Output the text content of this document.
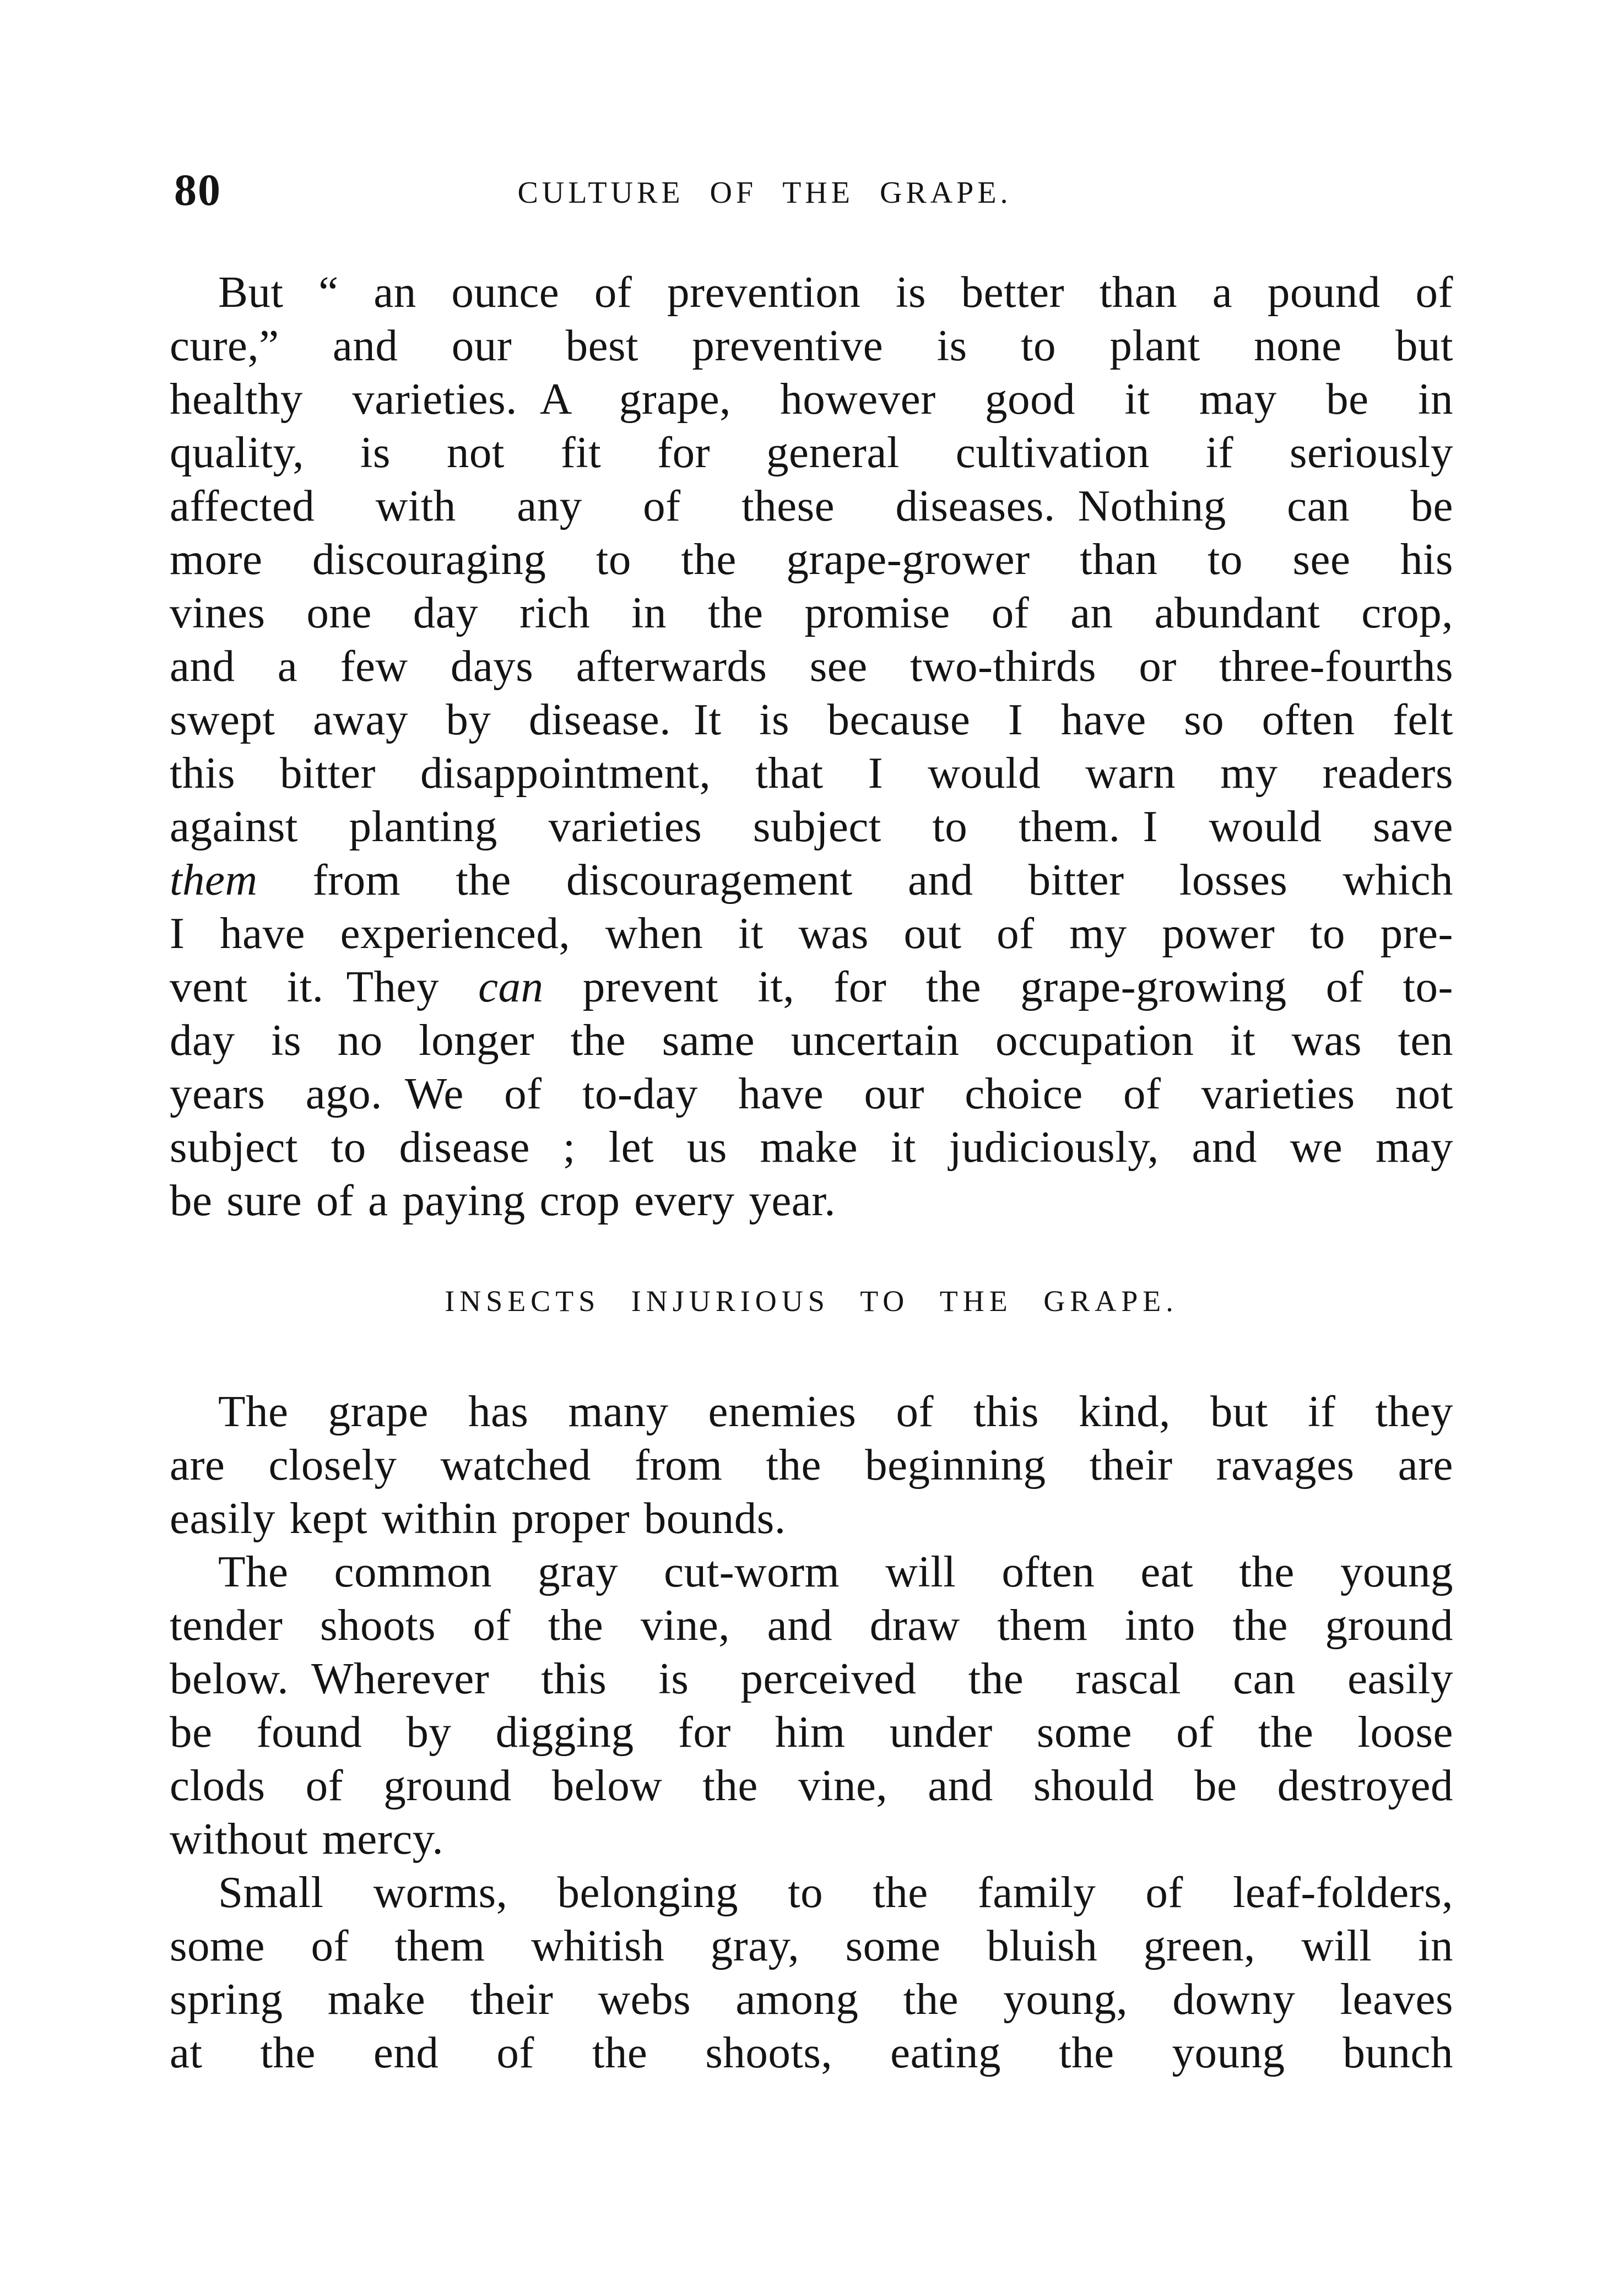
80	CULTURE OF THE GRAPE.
But “ an ounce of prevention is better than a pound of
cure,” and our best preventive is to plant none but
healthy varieties. A grape, however good it may be in
quality, is not fit for general cultivation if seriously
affected with any of these diseases. Nothing can be
more discouraging to the grape-grower than to see his
vines one day rich in the promise of an abundant crop,
and a few days afterwards see two-thirds or three-fourths
swept away by disease. It is because I have so often felt
this bitter disappointment, that I would warn my readers
against planting varieties subject to them. I would save
them from the discouragement and bitter losses which
I have experienced, when it was out of my power to pre-
vent it. They can prevent it, for the grape-growing of to-
day is no longer the same uncertain occupation it was ten
years ago. We of to-day have our choice of varieties not
subject to disease ; let us make it judiciously, and we may
be sure of a paying crop every year.
INSECTS INJURIOUS TO THE GRAPE.
The grape has many enemies of this kind, but if they
are closely watched from the beginning their ravages are
easily kept within proper bounds.
The common gray cut-worm will often eat the young
tender shoots of the vine, and draw them into the ground
below. Wherever this is perceived the rascal can easily
be found by digging for him under some of the loose
clods of ground below the vine, and should be destroyed
without mercy.
Small worms, belonging to the family of leaf-folders,
some of them whitish gray, some bluish green, will in
spring make their webs among the young, downy leaves
at the end of the shoots, eating the young bunch
